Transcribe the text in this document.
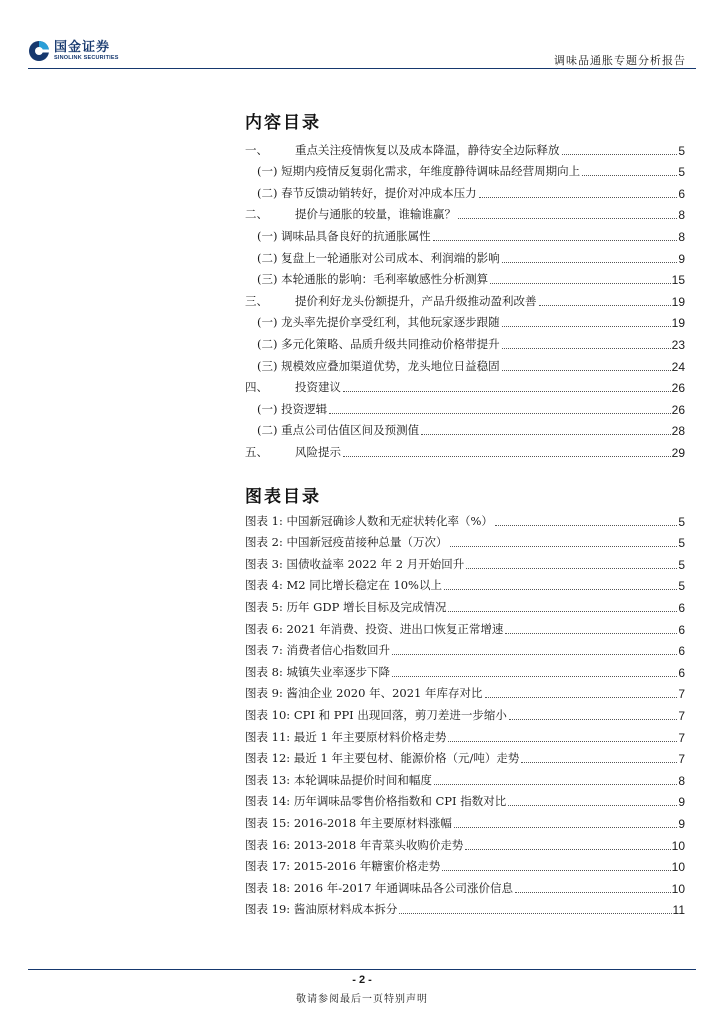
国金证券
SINOLINK SECURITIES	调味品通胀专题分析报告
内容目录
一、	重点关注疫情恢复以及成本降温，静待安全边际释放	5
(一) 短期内疫情反复弱化需求，年维度静待调味品经营周期向上	5
(二) 春节反馈动销转好，提价对冲成本压力	6
二、	提价与通胀的较量，谁输谁赢？	8
(一) 调味品具备良好的抗通胀属性	8
(二) 复盘上一轮通胀对公司成本、利润端的影响	9
(三) 本轮通胀的影响：毛利率敏感性分析测算	15
三、	提价利好龙头份额提升，产品升级推动盈利改善	19
(一) 龙头率先提价享受红利，其他玩家逐步跟随	19
(二) 多元化策略、品质升级共同推动价格带提升	23
(三) 规模效应叠加渠道优势，龙头地位日益稳固	24
四、	投资建议	26
(一) 投资逻辑	26
(二) 重点公司估值区间及预测值	28
五、	风险提示	29
图表目录
图表 1: 中国新冠确诊人数和无症状转化率（%）	5
图表 2: 中国新冠疫苗接种总量（万次）	5
图表 3: 国债收益率 2022 年 2 月开始回升	5
图表 4: M2 同比增长稳定在 10%以上	5
图表 5: 历年 GDP 增长目标及完成情况	6
图表 6: 2021 年消费、投资、进出口恢复正常增速	6
图表 7: 消费者信心指数回升	6
图表 8: 城镇失业率逐步下降	6
图表 9: 酱油企业 2020 年、2021 年库存对比	7
图表 10: CPI 和 PPI 出现回落，剪刀差进一步缩小	7
图表 11: 最近 1 年主要原材料价格走势	7
图表 12: 最近 1 年主要包材、能源价格（元/吨）走势	7
图表 13: 本轮调味品提价时间和幅度	8
图表 14: 历年调味品零售价格指数和 CPI 指数对比	9
图表 15: 2016-2018 年主要原材料涨幅	9
图表 16: 2013-2018 年青菜头收购价走势	10
图表 17: 2015-2016 年糖蜜价格走势	10
图表 18: 2016 年-2017 年通调味品各公司涨价信息	10
图表 19: 酱油原材料成本拆分	11
- 2 -
敬请参阅最后一页特别声明
